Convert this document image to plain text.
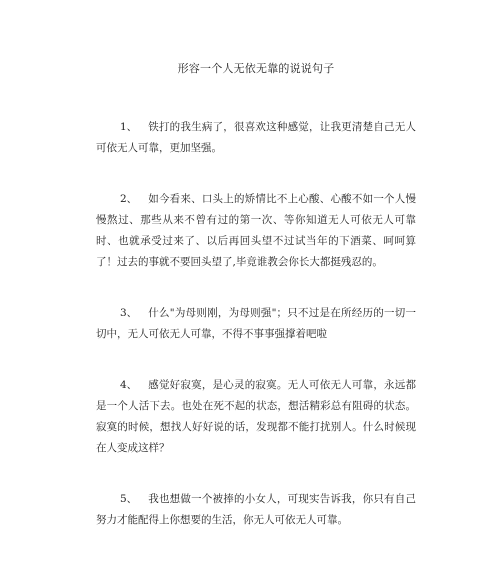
形容一个人无依无靠的说说句子

1、 铁打的我生病了，很喜欢这种感觉，让我更清楚自己无人可依无人可靠，更加坚强。

2、 如今看来、口头上的矫情比不上心酸、心酸不如一个人慢慢熬过、那些从来不曾有过的第一次、等你知道无人可依无人可靠时、也就承受过来了、以后再回头望不过试当年的下酒菜、呵呵算了！过去的事就不要回头望了,毕竟谁教会你长大都挺残忍的。

3、 什么"为母则刚，为母则强"；只不过是在所经历的一切一切中，无人可依无人可靠，不得不事事强撑着吧啦

4、 感觉好寂寞，是心灵的寂寞。无人可依无人可靠，永远都是一个人活下去。也处在死不起的状态，想活精彩总有阻碍的状态。寂寞的时候，想找人好好说的话，发现都不能打扰别人。什么时候现在人变成这样？

5、 我也想做一个被捧的小女人，可现实告诉我，你只有自己努力才能配得上你想要的生活，你无人可依无人可靠。
